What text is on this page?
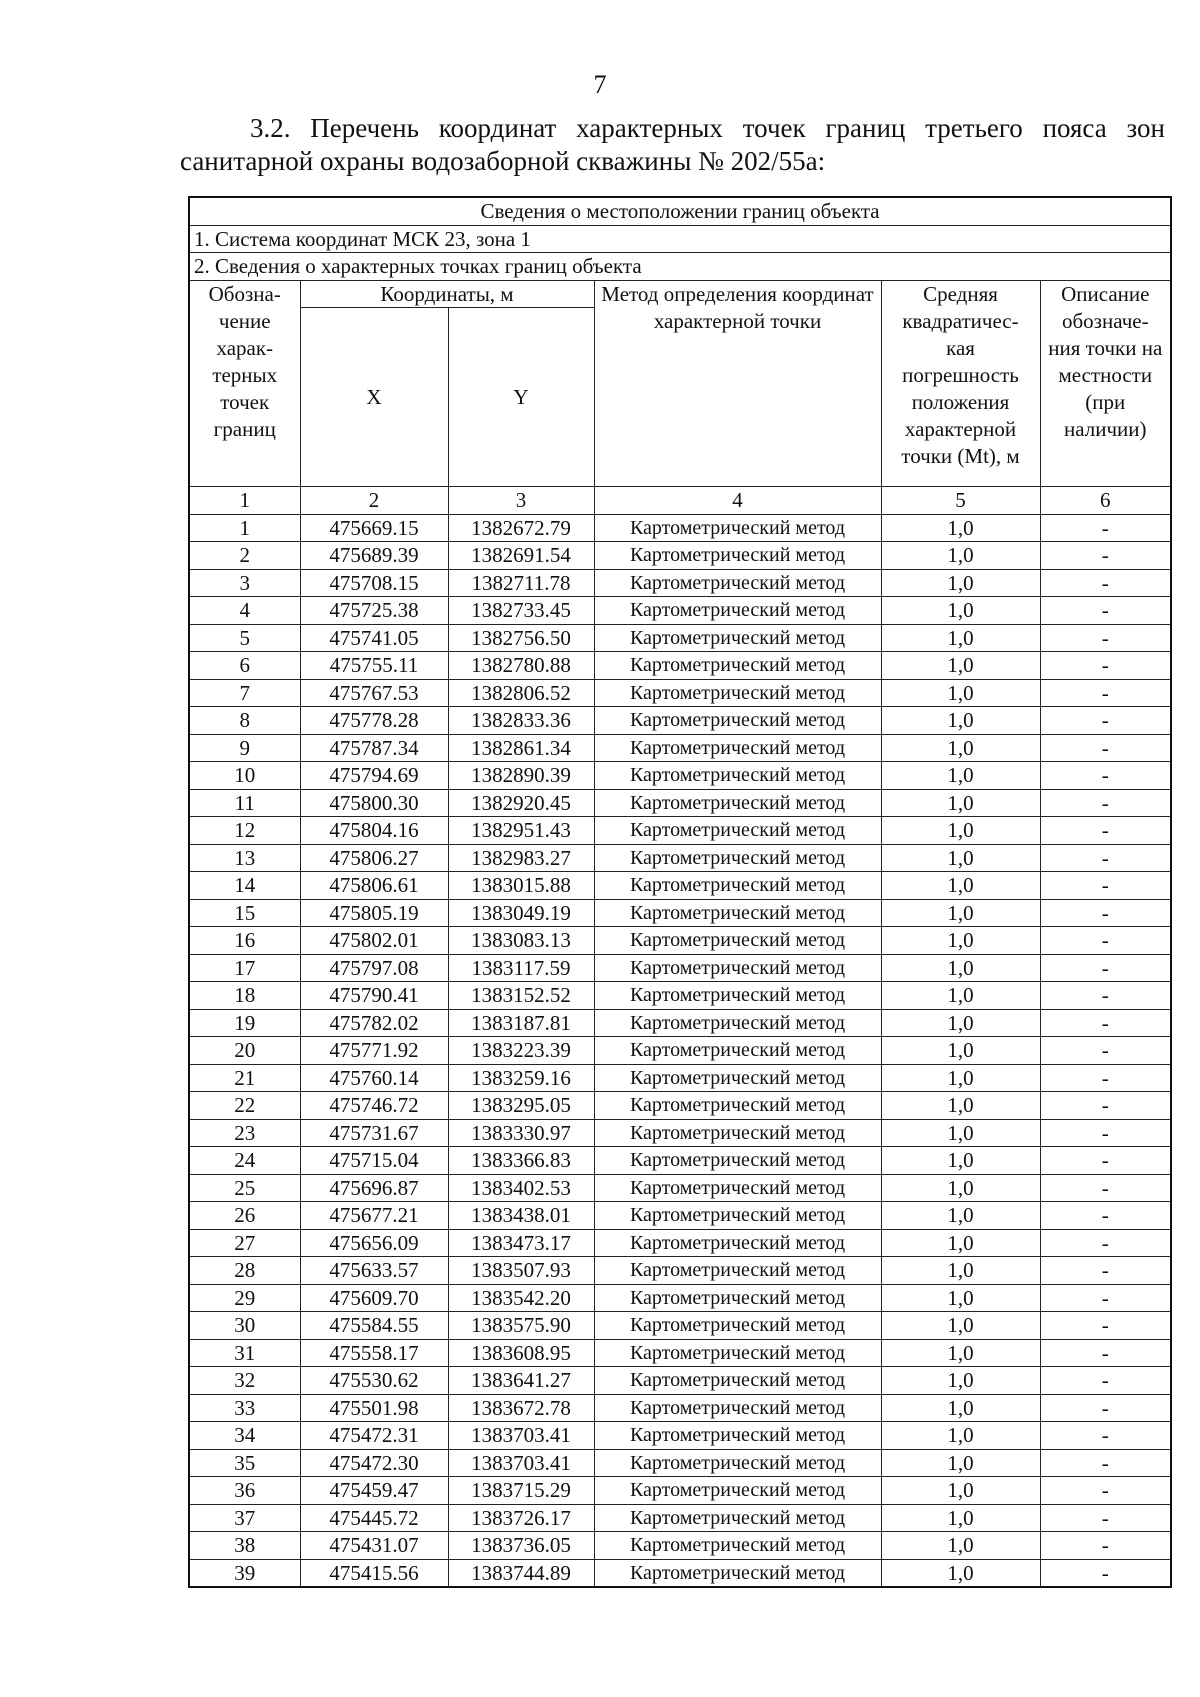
7
3.2. Перечень координат характерных точек границ третьего пояса зон
санитарной охраны водозаборной скважины № 202/55а:
Сведения о местоположении границ объекта					
1. Система координат МСК 23, зона 1					
2. Сведения о характерных точках границ объекта					
Обозна- чение харак- терных точек границ	Координаты, м		Метод определения координат характерной точки	Средняя квадратичес- кая погрешность положения характерной точки (Mt), м	Описание обозначе- ния точки на местности (при наличии)
	X	Y			
1	2	3	4	5	6
1	475669.15	1382672.79	Картометрический метод	1,0	-
2	475689.39	1382691.54	Картометрический метод	1,0	-
3	475708.15	1382711.78	Картометрический метод	1,0	-
4	475725.38	1382733.45	Картометрический метод	1,0	-
5	475741.05	1382756.50	Картометрический метод	1,0	-
6	475755.11	1382780.88	Картометрический метод	1,0	-
7	475767.53	1382806.52	Картометрический метод	1,0	-
8	475778.28	1382833.36	Картометрический метод	1,0	-
9	475787.34	1382861.34	Картометрический метод	1,0	-
10	475794.69	1382890.39	Картометрический метод	1,0	-
11	475800.30	1382920.45	Картометрический метод	1,0	-
12	475804.16	1382951.43	Картометрический метод	1,0	-
13	475806.27	1382983.27	Картометрический метод	1,0	-
14	475806.61	1383015.88	Картометрический метод	1,0	-
15	475805.19	1383049.19	Картометрический метод	1,0	-
16	475802.01	1383083.13	Картометрический метод	1,0	-
17	475797.08	1383117.59	Картометрический метод	1,0	-
18	475790.41	1383152.52	Картометрический метод	1,0	-
19	475782.02	1383187.81	Картометрический метод	1,0	-
20	475771.92	1383223.39	Картометрический метод	1,0	-
21	475760.14	1383259.16	Картометрический метод	1,0	-
22	475746.72	1383295.05	Картометрический метод	1,0	-
23	475731.67	1383330.97	Картометрический метод	1,0	-
24	475715.04	1383366.83	Картометрический метод	1,0	-
25	475696.87	1383402.53	Картометрический метод	1,0	-
26	475677.21	1383438.01	Картометрический метод	1,0	-
27	475656.09	1383473.17	Картометрический метод	1,0	-
28	475633.57	1383507.93	Картометрический метод	1,0	-
29	475609.70	1383542.20	Картометрический метод	1,0	-
30	475584.55	1383575.90	Картометрический метод	1,0	-
31	475558.17	1383608.95	Картометрический метод	1,0	-
32	475530.62	1383641.27	Картометрический метод	1,0	-
33	475501.98	1383672.78	Картометрический метод	1,0	-
34	475472.31	1383703.41	Картометрический метод	1,0	-
35	475472.30	1383703.41	Картометрический метод	1,0	-
36	475459.47	1383715.29	Картометрический метод	1,0	-
37	475445.72	1383726.17	Картометрический метод	1,0	-
38	475431.07	1383736.05	Картометрический метод	1,0	-
39	475415.56	1383744.89	Картометрический метод	1,0	-
